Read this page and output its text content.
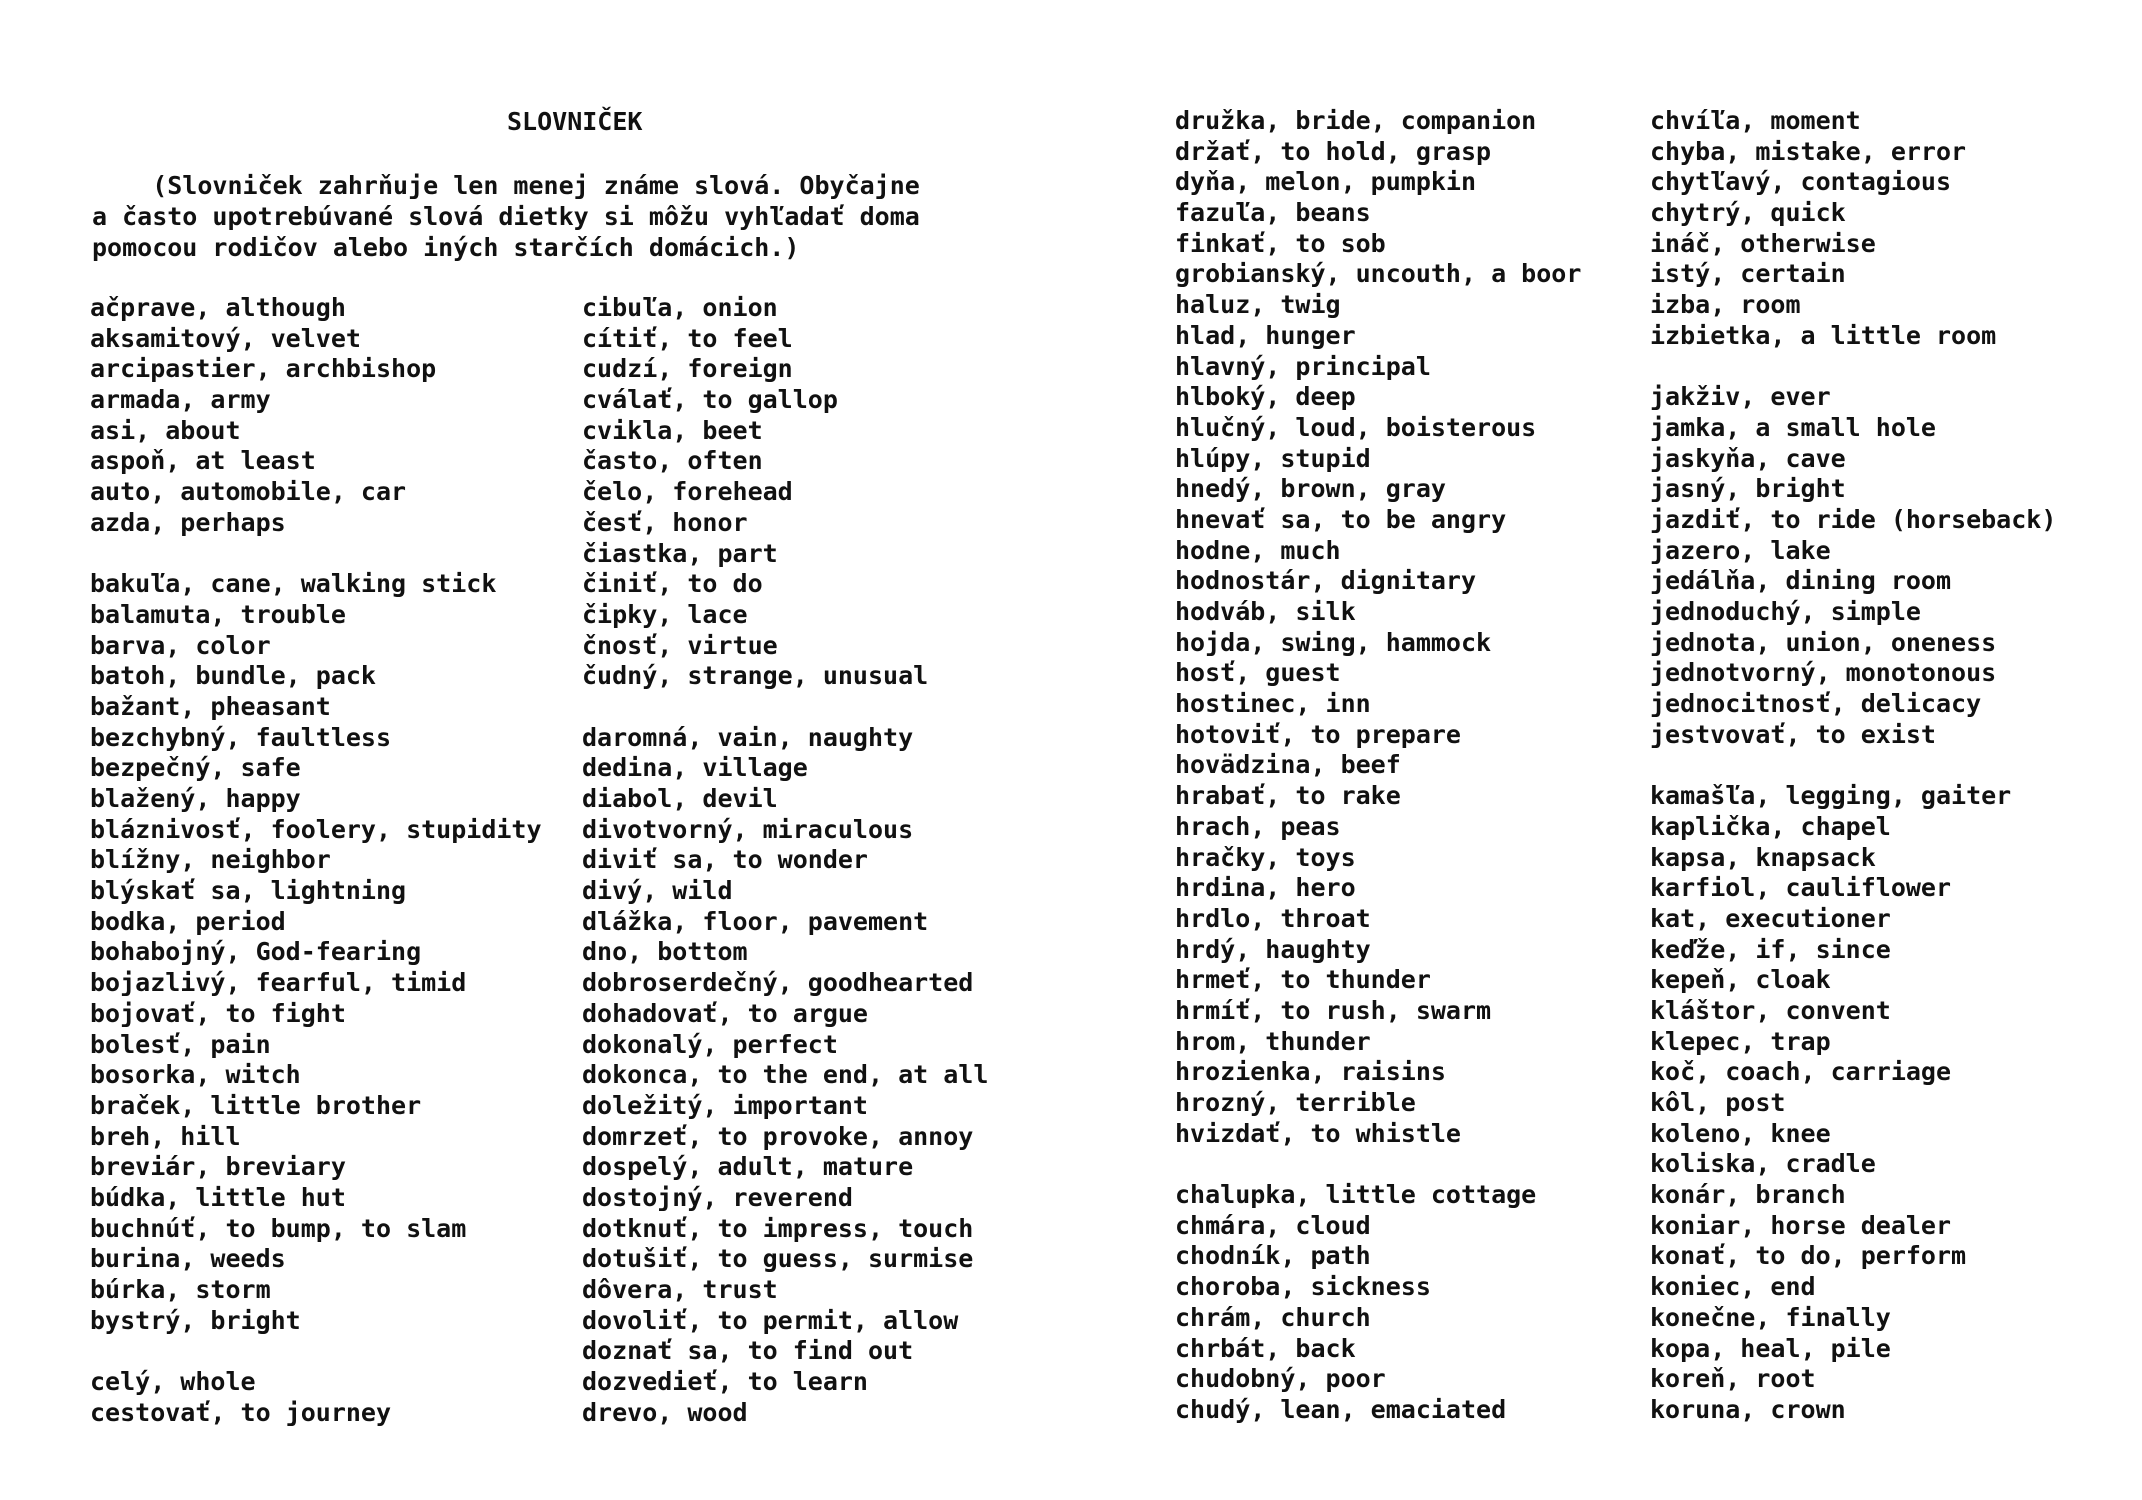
SLOVNIČEK
(Slovniček zahrňuje len menej známe slová. Obyčajne
a často upotrebúvané slová dietky si môžu vyhľadať doma
pomocou rodičov alebo iných starčích domácich.)
ačprave, although
aksamitový, velvet
arcipastier, archbishop
armada, army
asi, about
aspoň, at least
auto, automobile, car
azda, perhaps
bakuľa, cane, walking stick
balamuta, trouble
barva, color
batoh, bundle, pack
bažant, pheasant
bezchybný, faultless
bezpečný, safe
blažený, happy
bláznivosť, foolery, stupidity
blížny, neighbor
blýskať sa, lightning
bodka, period
bohabojný, God-fearing
bojazlivý, fearful, timid
bojovať, to fight
bolesť, pain
bosorka, witch
braček, little brother
breh, hill
breviár, breviary
búdka, little hut
buchnúť, to bump, to slam
burina, weeds
búrka, storm
bystrý, bright
celý, whole
cestovať, to journey
cibuľa, onion
cítiť, to feel
cudzí, foreign
cválať, to gallop
cvikla, beet
často, often
čelo, forehead
česť, honor
čiastka, part
činiť, to do
čipky, lace
čnosť, virtue
čudný, strange, unusual
daromná, vain, naughty
dedina, village
diabol, devil
divotvorný, miraculous
diviť sa, to wonder
divý, wild
dlážka, floor, pavement
dno, bottom
dobroserdečný, goodhearted
dohadovať, to argue
dokonalý, perfect
dokonca, to the end, at all
doležitý, important
domrzeť, to provoke, annoy
dospelý, adult, mature
dostojný, reverend
dotknuť, to impress, touch
dotušiť, to guess, surmise
dôvera, trust
dovoliť, to permit, allow
doznať sa, to find out
dozvedieť, to learn
drevo, wood
družka, bride, companion
držať, to hold, grasp
dyňa, melon, pumpkin
fazuľa, beans
finkať, to sob
grobianský, uncouth, a boor
haluz, twig
hlad, hunger
hlavný, principal
hlboký, deep
hlučný, loud, boisterous
hlúpy, stupid
hnedý, brown, gray
hnevať sa, to be angry
hodne, much
hodnostár, dignitary
hodváb, silk
hojda, swing, hammock
hosť, guest
hostinec, inn
hotoviť, to prepare
hovädzina, beef
hrabať, to rake
hrach, peas
hračky, toys
hrdina, hero
hrdlo, throat
hrdý, haughty
hrmeť, to thunder
hrmíť, to rush, swarm
hrom, thunder
hrozienka, raisins
hrozný, terrible
hvizdať, to whistle
chalupka, little cottage
chmára, cloud
chodník, path
choroba, sickness
chrám, church
chrbát, back
chudobný, poor
chudý, lean, emaciated
chvíľa, moment
chyba, mistake, error
chytľavý, contagious
chytrý, quick
ináč, otherwise
istý, certain
izba, room
izbietka, a little room
jakživ, ever
jamka, a small hole
jaskyňa, cave
jasný, bright
jazdiť, to ride (horseback)
jazero, lake
jedálňa, dining room
jednoduchý, simple
jednota, union, oneness
jednotvorný, monotonous
jednocitnosť, delicacy
jestvovať, to exist
kamašľa, legging, gaiter
kaplička, chapel
kapsa, knapsack
karfiol, cauliflower
kat, executioner
keďže, if, since
kepeň, cloak
kláštor, convent
klepec, trap
koč, coach, carriage
kôl, post
koleno, knee
koliska, cradle
konár, branch
koniar, horse dealer
konať, to do, perform
koniec, end
konečne, finally
kopa, heal, pile
koreň, root
koruna, crown
